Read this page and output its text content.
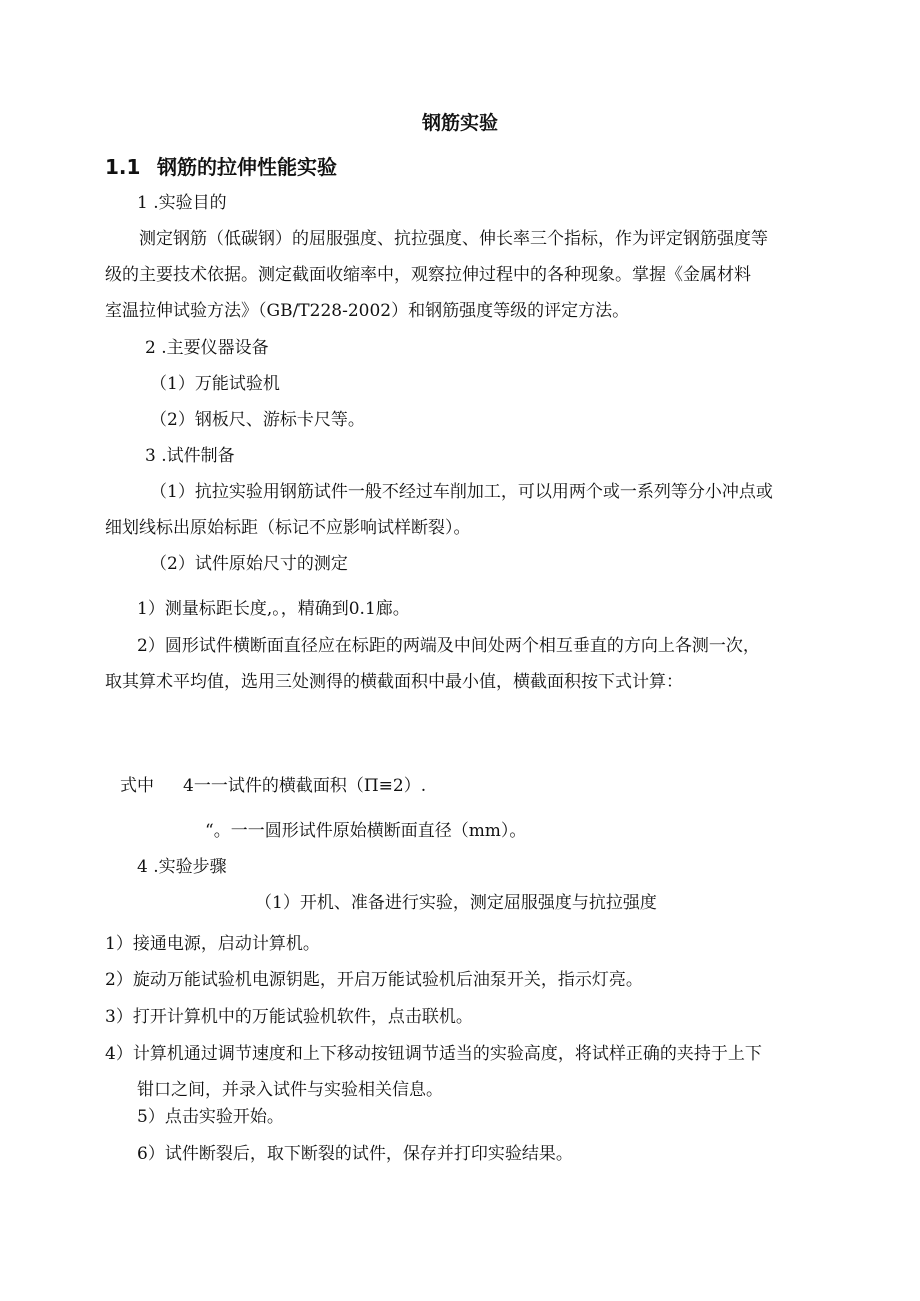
钢筋实验
1.1 钢筋的拉伸性能实验
1 .实验目的
测定钢筋（低碳钢）的屈服强度、抗拉强度、伸长率三个指标，作为评定钢筋强度等
级的主要技术依据。测定截面收缩率中，观察拉伸过程中的各种现象。掌握《金属材料
室温拉伸试验方法》（GB/T228-2002）和钢筋强度等级的评定方法。
2 .主要仪器设备
（1）万能试验机
（2）钢板尺、游标卡尺等。
3 .试件制备
（1）抗拉实验用钢筋试件一般不经过车削加工，可以用两个或一系列等分小冲点或
细划线标出原始标距（标记不应影响试样断裂）。
（2）试件原始尺寸的测定
1）测量标距长度,。，精确到0.1廊。
2）圆形试件横断面直径应在标距的两端及中间处两个相互垂直的方向上各测一次，
取其算术平均值，选用三处测得的横截面积中最小值，横截面积按下式计算：
式中 4一一试件的横截面积（Π≡2）.
“。一一圆形试件原始横断面直径（mm）。
4 .实验步骤
（1）开机、准备进行实验，测定屈服强度与抗拉强度
1）接通电源，启动计算机。
2）旋动万能试验机电源钥匙，开启万能试验机后油泵开关，指示灯亮。
3）打开计算机中的万能试验机软件，点击联机。
4）计算机通过调节速度和上下移动按钮调节适当的实验高度，将试样正确的夹持于上下
钳口之间，并录入试件与实验相关信息。
5）点击实验开始。
6）试件断裂后，取下断裂的试件，保存并打印实验结果。
